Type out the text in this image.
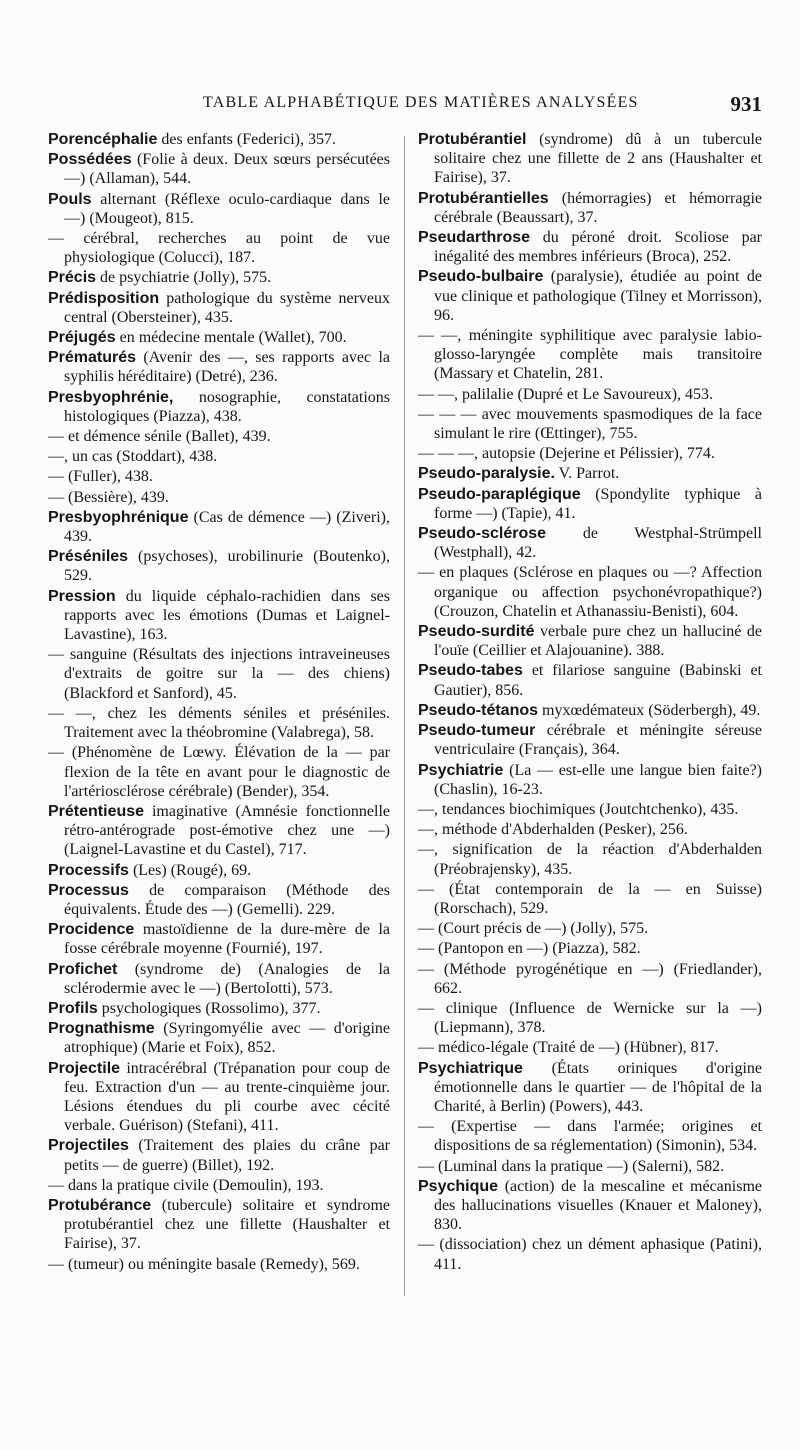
TABLE ALPHABÉTIQUE DES MATIÈRES ANALYSÉES	931

Porencéphalie des enfants (Federici), 357.

Possédées (Folie à deux. Deux sœurs persécutées —) (Allaman), 544.

Pouls alternant (Réflexe oculo-cardiaque dans le —) (Mougeot), 815.

— cérébral, recherches au point de vue physiologique (Colucci), 187.

Précis de psychiatrie (Jolly), 575.

Prédisposition pathologique du système nerveux central (Obersteiner), 435.

Préjugés en médecine mentale (Wallet), 700.

Prématurés (Avenir des —, ses rapports avec la syphilis héréditaire) (Detré), 236.

Presbyophrénie, nosographie, constatations histologiques (Piazza), 438.

— et démence sénile (Ballet), 439.

—, un cas (Stoddart), 438.

— (Fuller), 438.

— (Bessière), 439.

Presbyophrénique (Cas de démence —) (Ziveri), 439.

Préséniles (psychoses), urobilinurie (Boutenko), 529.

Pression du liquide céphalo-rachidien dans ses rapports avec les émotions (Dumas et Laignel-Lavastine), 163.

— sanguine (Résultats des injections intraveineuses d'extraits de goitre sur la — des chiens) (Blackford et Sanford), 45.

— —, chez les déments séniles et préséniles. Traitement avec la théobromine (Valabrega), 58.

— (Phénomène de Lœwy. Élévation de la — par flexion de la tête en avant pour le diagnostic de l'artériosclérose cérébrale) (Bender), 354.

Prétentieuse imaginative (Amnésie fonctionnelle rétro-antérograde post-émotive chez une —) (Laignel-Lavastine et du Castel), 717.

Processifs (Les) (Rougé), 69.

Processus de comparaison (Méthode des équivalents. Étude des —) (Gemelli). 229.

Procidence mastoïdienne de la dure-mère de la fosse cérébrale moyenne (Fournié), 197.

Profichet (syndrome de) (Analogies de la sclérodermie avec le —) (Bertolotti), 573.

Profils psychologiques (Rossolimo), 377.

Prognathisme (Syringomyélie avec — d'origine atrophique) (Marie et Foix), 852.

Projectile intracérébral (Trépanation pour coup de feu. Extraction d'un — au trente-cinquième jour. Lésions étendues du pli courbe avec cécité verbale. Guérison) (Stefani), 411.

Projectiles (Traitement des plaies du crâne par petits — de guerre) (Billet), 192.

— dans la pratique civile (Demoulin), 193.

Protubérance (tubercule) solitaire et syndrome protubérantiel chez une fillette (Haushalter et Fairise), 37.

— (tumeur) ou méningite basale (Remedy), 569.

Protubérantiel (syndrome) dû à un tubercule solitaire chez une fillette de 2 ans (Haushalter et Fairise), 37.

Protubérantielles (hémorragies) et hémorragie cérébrale (Beaussart), 37.

Pseudarthrose du péroné droit. Scoliose par inégalité des membres inférieurs (Broca), 252.

Pseudo-bulbaire (paralysie), étudiée au point de vue clinique et pathologique (Tilney et Morrisson), 96.

— —, méningite syphilitique avec paralysie labio-glosso-laryngée complète mais transitoire (Massary et Chatelin, 281.

— —, palilalie (Dupré et Le Savoureux), 453.

— — — avec mouvements spasmodiques de la face simulant le rire (Œttinger), 755.

— — —, autopsie (Dejerine et Pélissier), 774.

Pseudo-paralysie. V. Parrot.

Pseudo-paraplégique (Spondylite typhique à forme —) (Tapie), 41.

Pseudo-sclérose de Westphal-Strümpell (Westphall), 42.

— en plaques (Sclérose en plaques ou —? Affection organique ou affection psychonévropathique?) (Crouzon, Chatelin et Athanassiu-Benisti), 604.

Pseudo-surdité verbale pure chez un halluciné de l'ouïe (Ceillier et Alajouanine). 388.

Pseudo-tabes et filariose sanguine (Babinski et Gautier), 856.

Pseudo-tétanos myxœdémateux (Söderbergh), 49.

Pseudo-tumeur cérébrale et méningite séreuse ventriculaire (Français), 364.

Psychiatrie (La — est-elle une langue bien faite?) (Chaslin), 16-23.

—, tendances biochimiques (Joutchtchenko), 435.

—, méthode d'Abderhalden (Pesker), 256.

—, signification de la réaction d'Abderhalden (Préobrajensky), 435.

— (État contemporain de la — en Suisse) (Rorschach), 529.

— (Court précis de —) (Jolly), 575.

— (Pantopon en —) (Piazza), 582.

— (Méthode pyrogénétique en —) (Friedlander), 662.

— clinique (Influence de Wernicke sur la —) (Liepmann), 378.

— médico-légale (Traité de —) (Hübner), 817.

Psychiatrique (États oriniques d'origine émotionnelle dans le quartier — de l'hôpital de la Charité, à Berlin) (Powers), 443.

— (Expertise — dans l'armée; origines et dispositions de sa réglementation) (Simonin), 534.

— (Luminal dans la pratique —) (Salerni), 582.

Psychique (action) de la mescaline et mécanisme des hallucinations visuelles (Knauer et Maloney), 830.

— (dissociation) chez un dément aphasique (Patini), 411.
